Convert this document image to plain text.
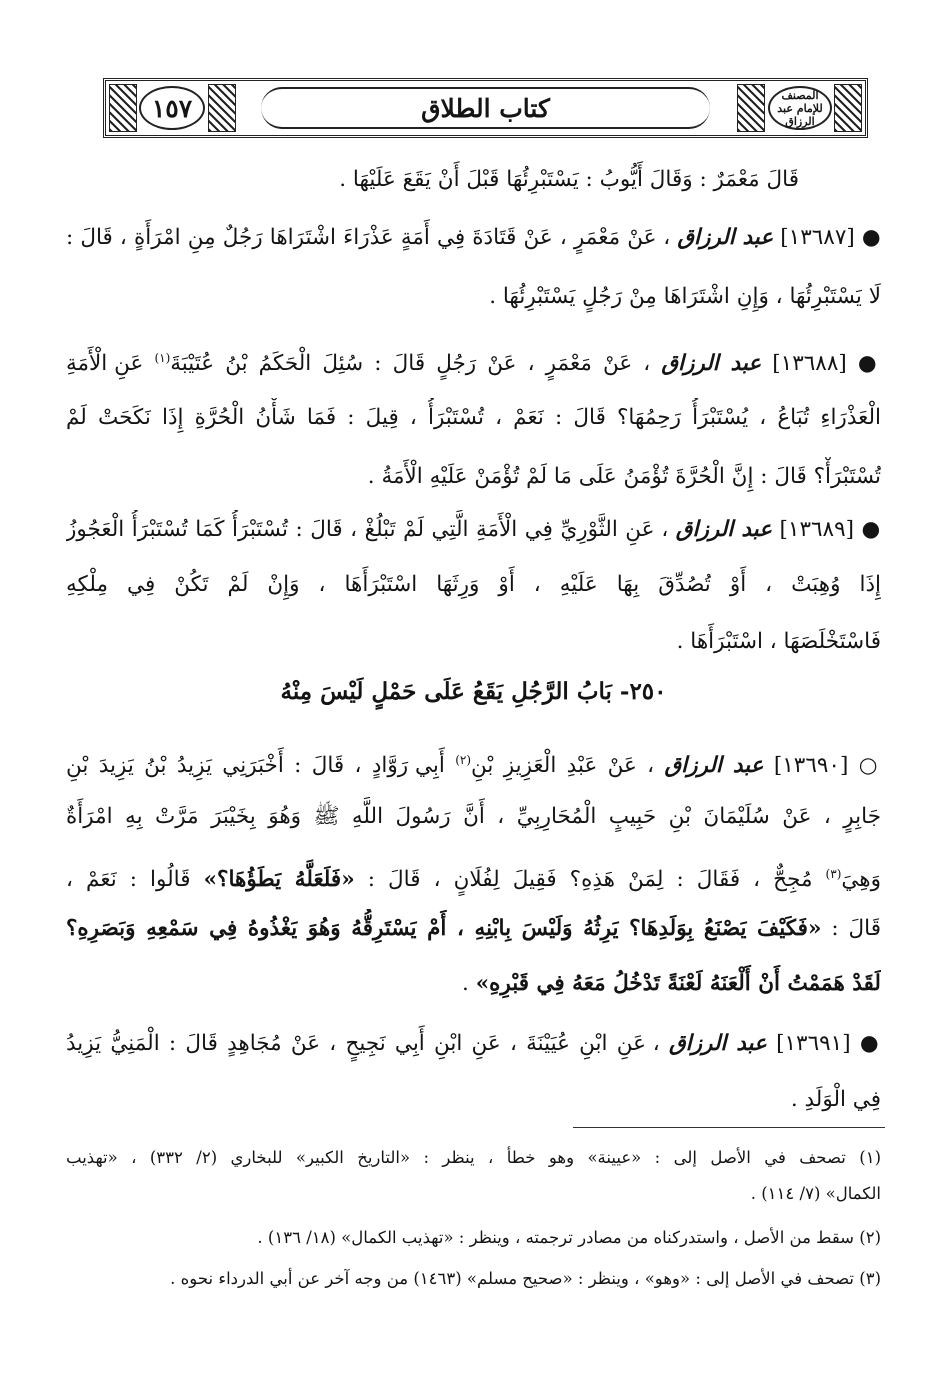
المصنف للإمام عبد الرزاق
كتاب الطلاق
١٥٧
قَالَ مَعْمَرٌ : وَقَالَ أَيُّوبُ : يَسْتَبْرِئُهَا قَبْلَ أَنْ يَقَعَ عَلَيْهَا .
● [١٣٦٨٧] عبد الرزاق ، عَنْ مَعْمَرٍ ، عَنْ قَتَادَةَ فِي أَمَةٍ عَذْرَاءَ اشْتَرَاهَا رَجُلٌ مِنِ امْرَأَةٍ ، قَالَ :
لَا يَسْتَبْرِئُهَا ، وَإِنِ اشْتَرَاهَا مِنْ رَجُلٍ يَسْتَبْرِئُهَا .
● [١٣٦٨٨] عبد الرزاق ، عَنْ مَعْمَرٍ ، عَنْ رَجُلٍ قَالَ : سُئِلَ الْحَكَمُ بْنُ عُتَيْبَةَ$^{(١)}$ عَنِ الْأَمَةِ
الْعَذْرَاءِ تُبَاعُ ، يُسْتَبْرَأُ رَحِمُهَا؟ قَالَ : نَعَمْ ، تُسْتَبْرَأُ ، قِيلَ : فَمَا شَأْنُ الْحُرَّةِ إِذَا نَكَحَتْ لَمْ
تُسْتَبْرَأْ؟ قَالَ : إِنَّ الْحُرَّةَ تُؤْمَنُ عَلَى مَا لَمْ تُؤْمَنْ عَلَيْهِ الْأَمَةُ .
● [١٣٦٨٩] عبد الرزاق ، عَنِ الثَّوْرِيِّ فِي الْأَمَةِ الَّتِي لَمْ تَبْلُغْ ، قَالَ : تُسْتَبْرَأُ كَمَا تُسْتَبْرَأُ الْعَجُوزُ
إِذَا وُهِبَتْ ، أَوْ تُصُدِّقَ بِهَا عَلَيْهِ ، أَوْ وَرِثَهَا اسْتَبْرَأَهَا ، وَإِنْ لَمْ تَكُنْ فِي مِلْكِهِ
فَاسْتَخْلَصَهَا ، اسْتَبْرَأَهَا .
٢٥٠- بَابُ الرَّجُلِ يَقَعُ عَلَى حَمْلٍ لَيْسَ مِنْهُ
○ [١٣٦٩٠] عبد الرزاق ، عَنْ عَبْدِ الْعَزِيزِ بْنِ$^{(٢)}$ أَبِي رَوَّادٍ ، قَالَ : أَخْبَرَنِي يَزِيدُ بْنُ يَزِيدَ بْنِ
جَابِرٍ ، عَنْ سُلَيْمَانَ بْنِ حَبِيبٍ الْمُحَارِبِيِّ ، أَنَّ رَسُولَ اللَّهِ ﷺ وَهُوَ بِخَيْبَرَ مَرَّتْ بِهِ امْرَأَةٌ
وَهِيَ$^{(٣)}$ مُجِحٌّ ، فَقَالَ : لِمَنْ هَذِهِ؟ فَقِيلَ لِفُلَانٍ ، قَالَ : «فَلَعَلَّهُ يَطَؤُهَا؟» قَالُوا : نَعَمْ ،
قَالَ : «فَكَيْفَ يَصْنَعُ بِوَلَدِهَا؟ يَرِثُهُ وَلَيْسَ بِابْنِهِ ، أَمْ يَسْتَرِقُّهُ وَهُوَ يَغْذُوهُ فِي سَمْعِهِ وَبَصَرِهِ؟
لَقَدْ هَمَمْتُ أَنْ أَلْعَنَهُ لَعْنَةً تَدْخُلُ مَعَهُ فِي قَبْرِهِ» .
● [١٣٦٩١] عبد الرزاق ، عَنِ ابْنِ عُيَيْنَةَ ، عَنِ ابْنِ أَبِي نَجِيحٍ ، عَنْ مُجَاهِدٍ قَالَ : الْمَنِيُّ يَزِيدُ
فِي الْوَلَدِ .
(١) تصحف في الأصل إلى : «عيينة» وهو خطأ ، ينظر : «التاريخ الكبير» للبخاري (٢/ ٣٣٢) ، «تهذيب
الكمال» (٧/ ١١٤) .
(٢) سقط من الأصل ، واستدركناه من مصادر ترجمته ، وينظر : «تهذيب الكمال» (١٨/ ١٣٦) .
(٣) تصحف في الأصل إلى : «وهو» ، وينظر : «صحيح مسلم» (١٤٦٣) من وجه آخر عن أبي الدرداء نحوه .
